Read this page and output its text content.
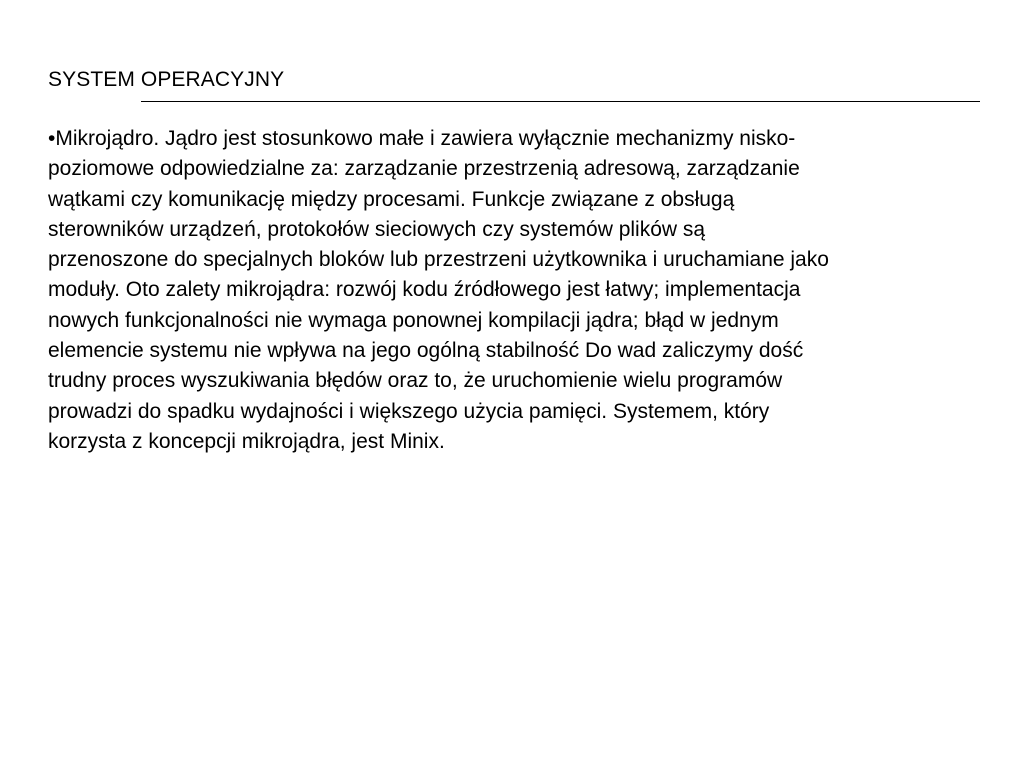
SYSTEM OPERACYJNY
•Mikrojądro. Jądro jest stosunkowo małe i zawiera wyłącznie mechanizmy nisko-
poziomowe odpowiedzialne za: zarządzanie przestrzenią adresową, zarządzanie
wątkami czy komunikację między procesami. Funkcje związane z obsługą
sterowników urządzeń, protokołów sieciowych czy systemów plików są
przenoszone do specjalnych bloków lub przestrzeni użytkownika i uruchamiane jako
moduły. Oto zalety mikrojądra: rozwój kodu źródłowego jest łatwy; implementacja
nowych funkcjonalności nie wymaga ponownej kompilacji jądra; błąd w jednym
elemencie systemu nie wpływa na jego ogólną stabilność Do wad zaliczymy dość
trudny proces wyszukiwania błędów oraz to, że uruchomienie wielu programów
prowadzi do spadku wydajności i większego użycia pamięci. Systemem, który
korzysta z koncepcji mikrojądra, jest Minix.
